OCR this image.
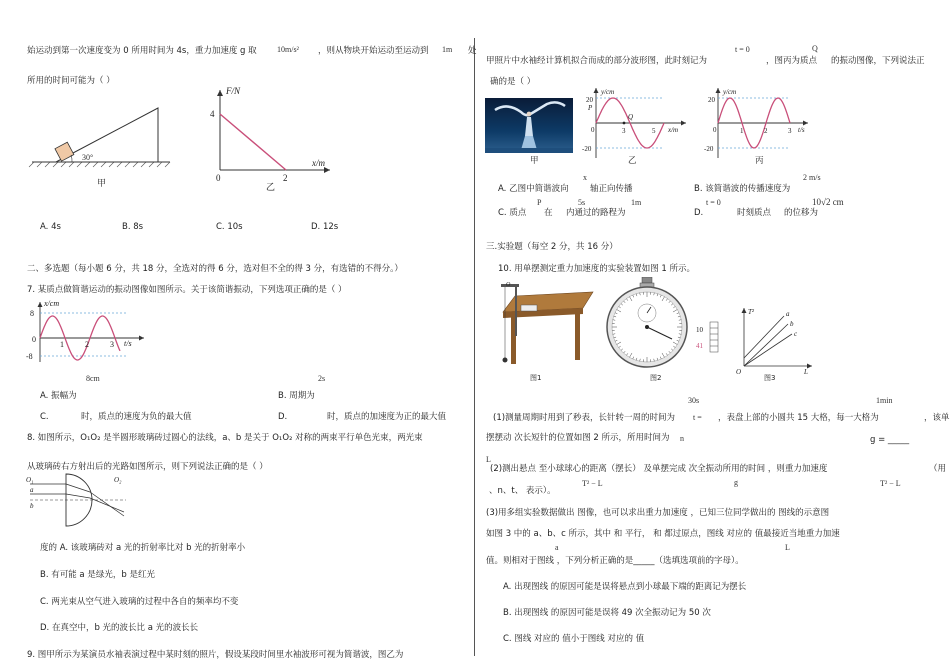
始运动到第一次速度变为 0 所用时间为 4s，重力加速度 g 取	10m/s² ，则从物块开始运动至运动到 1m 处
所用的时间可能为（ ）
30°
甲
F/N
x/m
4
2
0
乙
A. 4s	B. 8s	C. 10s	D. 12s
二、多选题（每小题 6 分，共 18 分，全选对的得 6 分，选对但不全的得 3 分，有选错的不得分。）
7. 某质点做简谐运动的振动图像如图所示。关于该简谐振动，下列选项正确的是（ ）
8
0
-8
1	2	3 t/s
x/cm
8cm	2s
A. 振幅为	B. 周期为
C.	时，质点的速度为负的最大值	D.	时，质点的加速度为正的最大值
8. 如图所示，O₁O₂ 是半圆形玻璃砖过圆心的法线，a、b 是关于 O₁O₂ 对称的两束平行单色光束，两光束
从玻璃砖右方射出后的光路如图所示，则下列说法正确的是（ ）
O₁	O₂
a
b
度的 A. 该玻璃砖对 a 光的折射率比对 b 光的折射率小
B. 有可能 a 是绿光，b 是红光
C. 两光束从空气进入玻璃的过程中各自的频率均不变
D. 在真空中，b 光的波长比 a 光的波长长
9. 图甲所示为某演员水袖表演过程中某时刻的照片，假设某段时间里水袖波形可视为简谐波，图乙为
t = 0	Q
甲照片中水袖经计算机拟合而成的部分波形图，此时刻记为	，图丙为质点 的振动图像，下列说法正
确的是（ ）
甲
y/cm
x/m
20
-20
P
Q
3	5
0
乙
y/cm
t/s
20
-20
1	2	3
0
丙
x	2 m/s
A. 乙图中简谐波向	轴正向传播	B. 该简谐波的传播速度为
P	5s	1m	t = 0	10√2 cm
C. 质点 在 内通过的路程为	D.	时刻质点 的位移为
三.实验题（每空 2 分，共 16 分）
10. 用单摆测定重力加速度的实验装置如图 1 所示。
O
图1
10
41
图2
T²
L
O
a
b
c
图3
30s	1min
(1)测量周期时用到了秒表，长针转一周的时间为	，表盘上部的小圆共 15 大格，每一大格为	，该单
t =
摆摆动 次长短针的位置如图 2 所示，所用时间为 n	g = _____
L
(2)测出悬点 至小球球心的距离（摆长） 及单摆完成 次全振动所用的时间 ，则重力加速度	（用
T² − L	g	T² − L
、n、t、 表示）。
(3)用多组实验数据做出 图像，也可以求出重力加速度 ，已知三位同学做出的 图线的示意图
如图 3 中的 a、b、c 所示，其中 和 平行， 和 都过原点，图线 对应的 值最接近当地重力加速
a	L
值。则相对于图线 ，下列分析正确的是_____（选填选项前的字母）。
A. 出现图线 的原因可能是误将悬点到小球最下端的距离记为摆长
B. 出现图线 的原因可能是误将 49 次全振动记为 50 次
C. 图线 对应的 值小于图线 对应的 值
